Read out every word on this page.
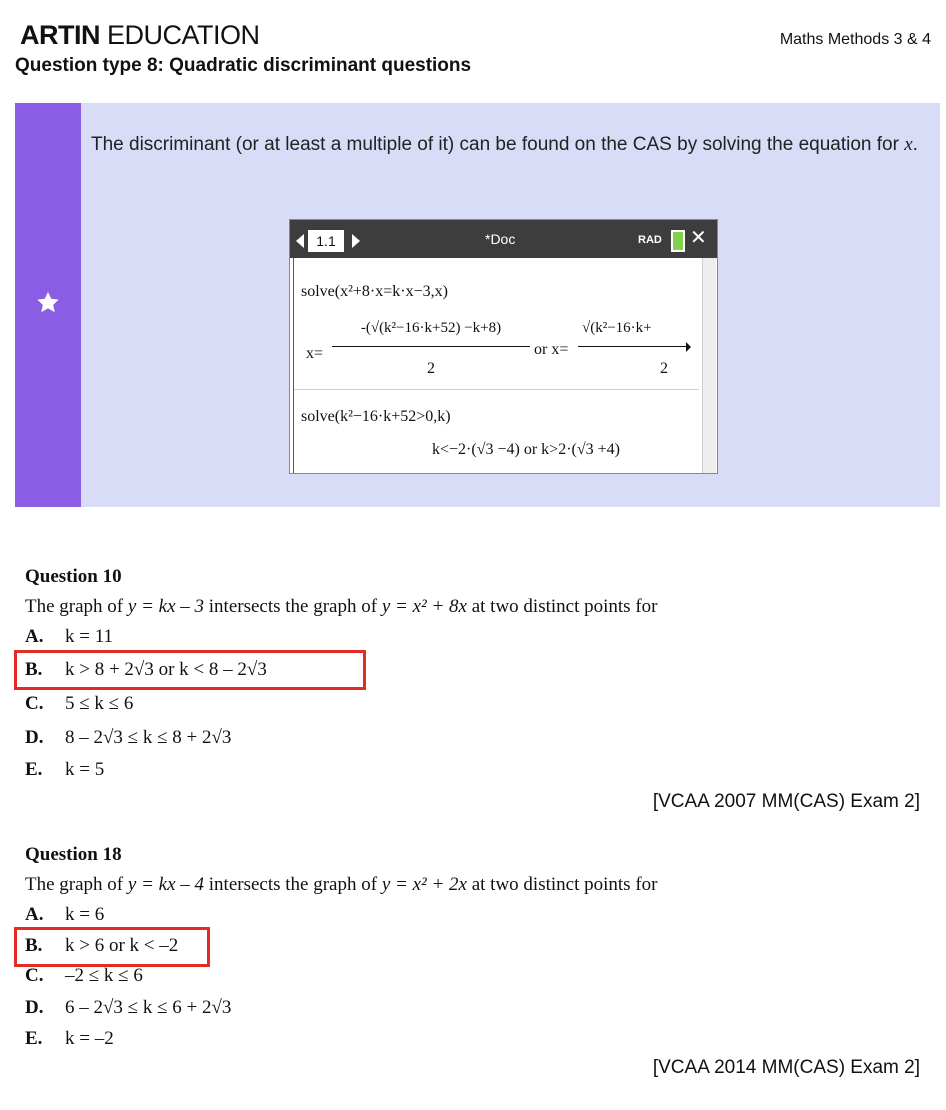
ARTIN EDUCATION	Maths Methods 3 & 4
Question type 8: Quadratic discriminant questions
The discriminant (or at least a multiple of it) can be found on the CAS by solving the equation for x.
1.1	*Doc	RAD ✕
solve(x²+8·x=k·x−3,x)
x=
-(√(k²−16·k+52) −k+8)
2
or x=
√(k²−16·k+
2
solve(k²−16·k+52>0,k)
k<−2·(√3 −4) or k>2·(√3 +4)
Question 10
The graph of y = kx – 3 intersects the graph of y = x² + 8x at two distinct points for
A. k = 11
B. k > 8 + 2√3 or k < 8 – 2√3
C. 5 ≤ k ≤ 6
D. 8 – 2√3 ≤ k ≤ 8 + 2√3
E. k = 5
[VCAA 2007 MM(CAS) Exam 2]
Question 18
The graph of y = kx – 4 intersects the graph of y = x² + 2x at two distinct points for
A. k = 6
B. k > 6 or k < –2
C. –2 ≤ k ≤ 6
D. 6 – 2√3 ≤ k ≤ 6 + 2√3
E. k = –2
[VCAA 2014 MM(CAS) Exam 2]
